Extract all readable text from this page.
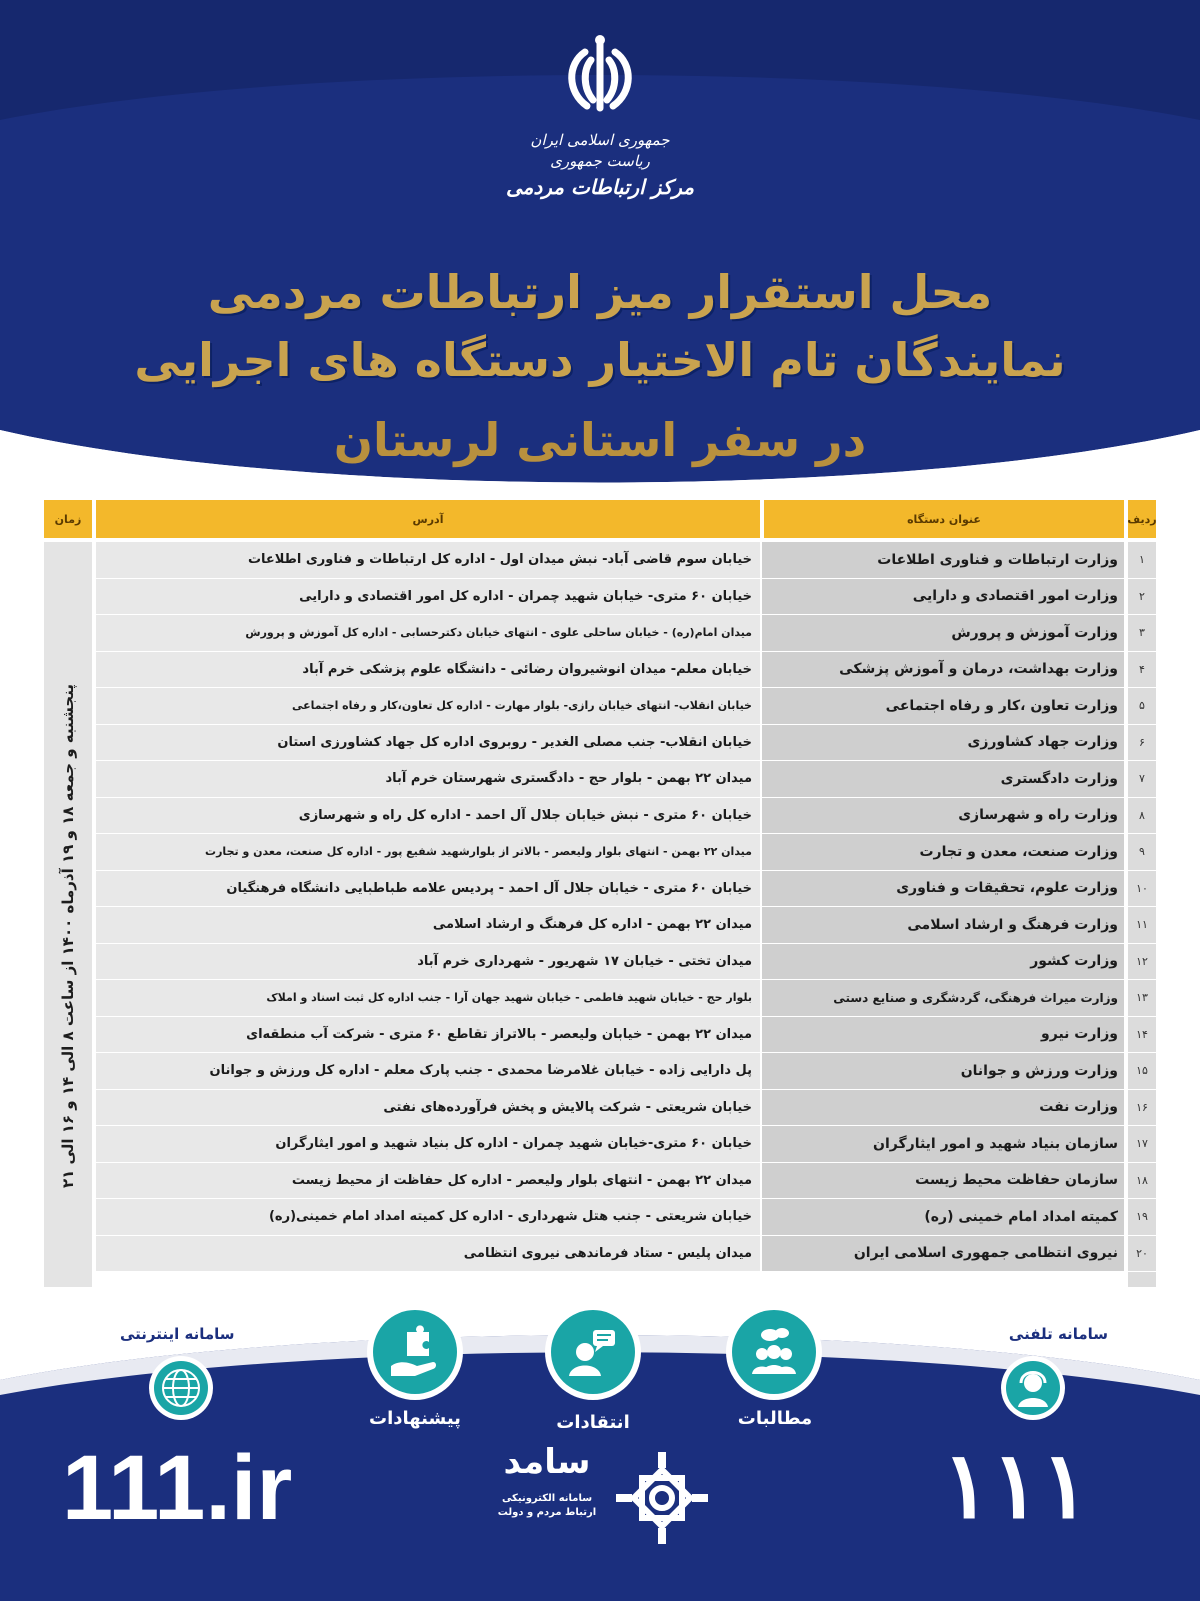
جمهوری اسلامی ایران
ریاست جمهوری
مرکز ارتباطات مردمی
محل استقرار میز ارتباطات مردمی
نمایندگان تام الاختیار دستگاه های اجرایی
در سفر استانی لرستان
ردیف
عنوان دستگاه
آدرس
زمان
پنجشنبه و جمعه ۱۸ و ۱۹ آذرماه ۱۴۰۰ از ساعت ۸ الی ۱۴ و ۱۶ الی ۲۱
۱
وزارت ارتباطات و فناوری اطلاعات
خیابان سوم قاضی آباد- نبش میدان اول - اداره کل ارتباطات و فناوری اطلاعات
۲
وزارت امور اقتصادی و دارایی
خیابان ۶۰ متری- خیابان شهید چمران - اداره کل امور اقتصادی و دارایی
۳
وزارت آموزش و پرورش
میدان امام(ره) - خیابان ساحلی علوی - انتهای خیابان دکترحسابی - اداره کل آموزش و پرورش
۴
وزارت بهداشت، درمان و آموزش پزشکی
خیابان معلم- میدان انوشیروان رضائی - دانشگاه علوم پزشکی خرم آباد
۵
وزارت تعاون ،کار و رفاه اجتماعی
خیابان انقلاب- انتهای خیابان رازی- بلوار مهارت - اداره کل تعاون،کار و رفاه اجتماعی
۶
وزارت جهاد کشاورزی
خیابان انقلاب- جنب مصلی الغدیر - روبروی اداره کل جهاد کشاورزی استان
۷
وزارت دادگستری
میدان ۲۲ بهمن - بلوار حج - دادگستری شهرستان خرم آباد
۸
وزارت راه و شهرسازی
خیابان ۶۰ متری - نبش خیابان جلال آل احمد - اداره کل راه و شهرسازی
۹
وزارت صنعت، معدن و تجارت
میدان ۲۲ بهمن - انتهای بلوار ولیعصر - بالاتر از بلوارشهید شفیع پور - اداره کل صنعت، معدن و تجارت
۱۰
وزارت علوم، تحقیقات و فناوری
خیابان ۶۰ متری - خیابان جلال آل احمد - پردیس علامه طباطبایی دانشگاه فرهنگیان
۱۱
وزارت فرهنگ و ارشاد اسلامی
میدان ۲۲ بهمن - اداره کل فرهنگ و ارشاد اسلامی
۱۲
وزارت کشور
میدان تختی - خیابان ۱۷ شهریور - شهرداری خرم آباد
۱۳
وزارت میراث فرهنگی، گردشگری و صنایع دستی
بلوار حج - خیابان شهید فاطمی - خیابان شهید جهان آرا - جنب اداره کل ثبت اسناد و املاک
۱۴
وزارت نیرو
میدان ۲۲ بهمن - خیابان ولیعصر - بالاتراز تقاطع ۶۰ متری - شرکت آب منطقه‌ای
۱۵
وزارت ورزش و جوانان
پل دارایی زاده - خیابان غلامرضا محمدی - جنب پارک معلم - اداره کل ورزش و جوانان
۱۶
وزارت نفت
خیابان شریعتی - شرکت پالایش و پخش فرآورده‌های نفتی
۱۷
سازمان بنیاد شهید و امور ایثارگران
خیابان ۶۰ متری-خیابان شهید چمران - اداره کل بنیاد شهید و امور ایثارگران
۱۸
سازمان حفاظت محیط زیست
میدان ۲۲ بهمن - انتهای بلوار ولیعصر - اداره کل حفاظت از محیط زیست
۱۹
کمیته امداد امام خمینی (ره)
خیابان شریعتی - جنب هتل شهرداری - اداره کل کمیته امداد امام خمینی(ره)
۲۰
نیروی انتظامی جمهوری اسلامی ایران
میدان پلیس - ستاد فرماندهی نیروی انتظامی
سامانه تلفنی
۱۱۱
سامانه اینترنتی
111.ir
مطالبات
انتقادات
پیشنهادات
سامد
سامانه الکترونیکی
ارتباط مردم و دولت
